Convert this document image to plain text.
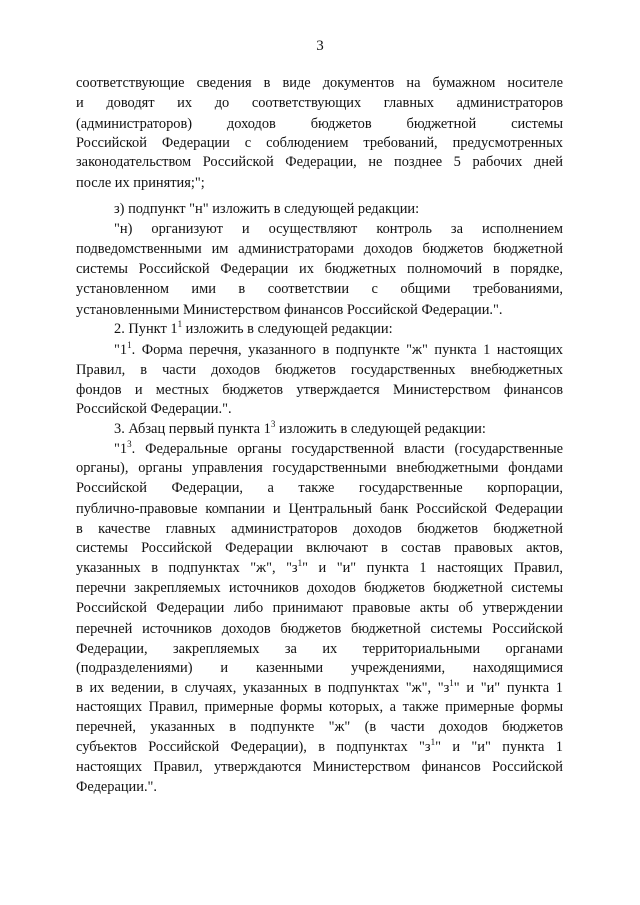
3
соответствующие сведения в виде документов на бумажном носителе
и доводят их до соответствующих главных администраторов
(администраторов) доходов бюджетов бюджетной системы
Российской Федерации с соблюдением требований, предусмотренных
законодательством Российской Федерации, не позднее 5 рабочих дней
после их принятия;";
з) подпункт "н" изложить в следующей редакции:
"н) организуют и осуществляют контроль за исполнением
подведомственными им администраторами доходов бюджетов бюджетной
системы Российской Федерации их бюджетных полномочий в порядке,
установленном ими в соответствии с общими требованиями,
установленными Министерством финансов Российской Федерации.".
2. Пункт $1^1$ изложить в следующей редакции:
"$1^1$. Форма перечня, указанного в подпункте "ж" пункта 1 настоящих
Правил, в части доходов бюджетов государственных внебюджетных
фондов и местных бюджетов утверждается Министерством финансов
Российской Федерации.".
3. Абзац первый пункта $1^3$ изложить в следующей редакции:
"$1^3$. Федеральные органы государственной власти (государственные
органы), органы управления государственными внебюджетными фондами
Российской Федерации, а также государственные корпорации,
публично-правовые компании и Центральный банк Российской Федерации
в качестве главных администраторов доходов бюджетов бюджетной
системы Российской Федерации включают в состав правовых актов,
указанных в подпунктах "ж", "$з^1$" и "и" пункта 1 настоящих Правил,
перечни закрепляемых источников доходов бюджетов бюджетной системы
Российской Федерации либо принимают правовые акты об утверждении
перечней источников доходов бюджетов бюджетной системы Российской
Федерации, закрепляемых за их территориальными органами
(подразделениями) и казенными учреждениями, находящимися
в их ведении, в случаях, указанных в подпунктах "ж", "$з^1$" и "и" пункта 1
настоящих Правил, примерные формы которых, а также примерные формы
перечней, указанных в подпункте "ж" (в части доходов бюджетов
субъектов Российской Федерации), в подпунктах "$з^1$" и "и" пункта 1
настоящих Правил, утверждаются Министерством финансов Российской
Федерации.".
